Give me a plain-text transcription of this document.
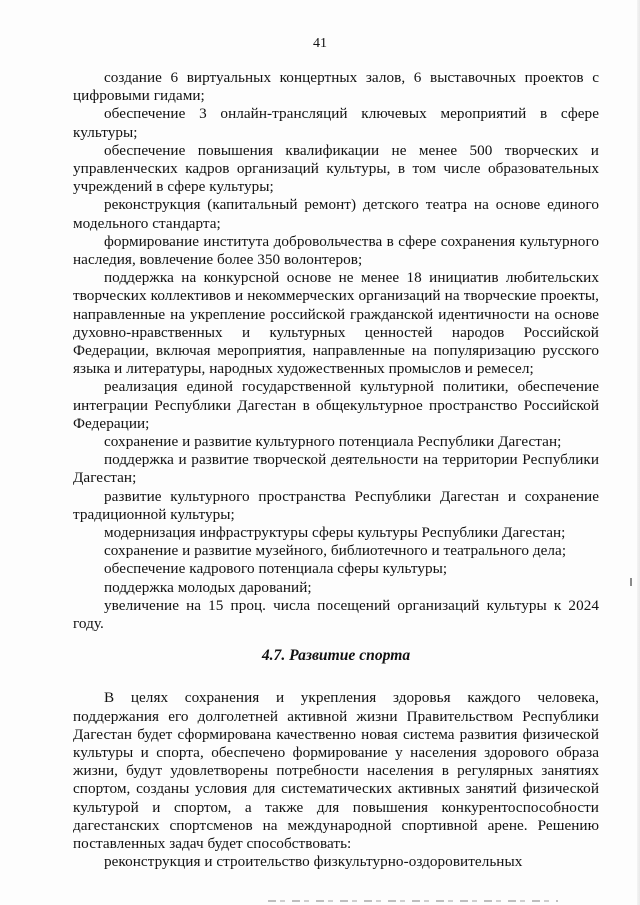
41

создание 6 виртуальных концертных залов, 6 выставочных проектов с цифровыми гидами;

обеспечение 3 онлайн-трансляций ключевых мероприятий в сфере культуры;

обеспечение повышения квалификации не менее 500 творческих и управленческих кадров организаций культуры, в том числе образовательных учреждений в сфере культуры;

реконструкция (капитальный ремонт) детского театра на основе единого модельного стандарта;

формирование института добровольчества в сфере сохранения культурного наследия, вовлечение более 350 волонтеров;

поддержка на конкурсной основе не менее 18 инициатив любительских творческих коллективов и некоммерческих организаций на творческие проекты, направленные на укрепление российской гражданской идентичности на основе духовно-нравственных и культурных ценностей народов Российской Федерации, включая мероприятия, направленные на популяризацию русского языка и литературы, народных художественных промыслов и ремесел;

реализация единой государственной культурной политики, обеспечение интеграции Республики Дагестан в общекультурное пространство Российской Федерации;

сохранение и развитие культурного потенциала Республики Дагестан;

поддержка и развитие творческой деятельности на территории Республики Дагестан;

развитие культурного пространства Республики Дагестан и сохранение традиционной культуры;

модернизация инфраструктуры сферы культуры Республики Дагестан;

сохранение и развитие музейного, библиотечного и театрального дела;

обеспечение кадрового потенциала сферы культуры;

поддержка молодых дарований;

увеличение на 15 проц. числа посещений организаций культуры к 2024 году.

4.7. Развитие спорта

В целях сохранения и укрепления здоровья каждого человека, поддержания его долголетней активной жизни Правительством Республики Дагестан будет сформирована качественно новая система развития физической культуры и спорта, обеспечено формирование у населения здорового образа жизни, будут удовлетворены потребности населения в регулярных занятиях спортом, созданы условия для систематических активных занятий физической культурой и спортом, а также для повышения конкурентоспособности дагестанских спортсменов на международной спортивной арене. Решению поставленных задач будет способствовать:

реконструкция и строительство физкультурно-оздоровительных
